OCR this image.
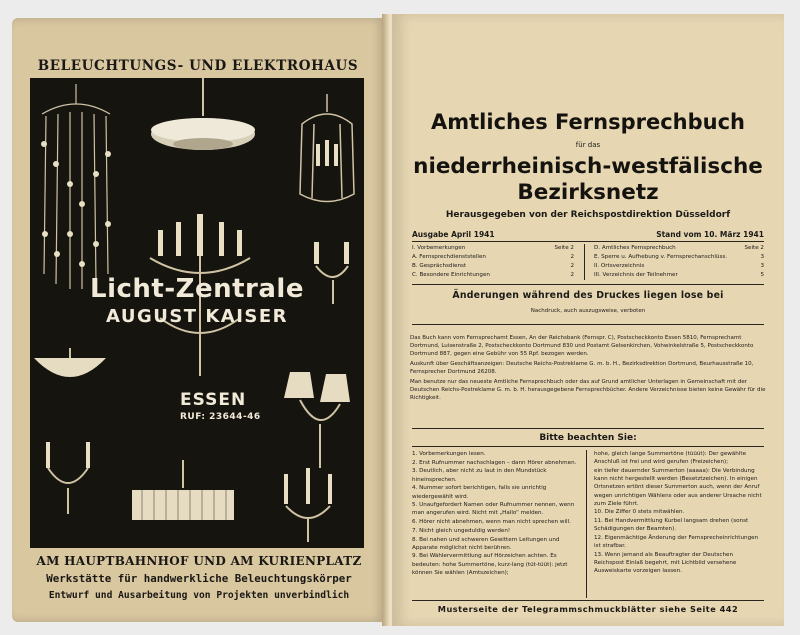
BELEUCHTUNGS- UND ELEKTROHAUS
Licht-Zentrale
AUGUST KAISER
ESSEN
RUF: 23644-46
AM HAUPTBAHNHOF UND AM KURIENPLATZ
Werkstätte für handwerkliche Beleuchtungskörper
Entwurf und Ausarbeitung von Projekten unverbindlich
Amtliches Fernsprechbuch
für das
niederrheinisch-westfälische
Bezirksnetz
Herausgegeben von der Reichspostdirektion Düsseldorf
Ausgabe April 1941	Stand vom 10. März 1941
I. Vorbemerkungen	Seite 2
A. Fernsprechdienststellen	2
B. Gesprächsdienst	2
C. Besondere Einrichtungen	2
D. Amtliches Fernsprechbuch	Seite 2
E. Sperre u. Aufhebung v. Fernsprechanschlüss.	3
II. Ortsverzeichnis	3
III. Verzeichnis der Teilnehmer	5
Änderungen während des Druckes liegen lose bei
Nachdruck, auch auszugsweise, verboten

Das Buch kann vom Fernsprechamt Essen, An der Reichsbank (Fernspr. C), Postscheckkonto Essen 5810, Fernsprechamt Dortmund, Luisenstraße 2, Postscheckkonto Dortmund 830 und Postamt Gelsenkirchen, Vohwinkelstraße 5, Postscheckkonto Dortmund 887, gegen eine Gebühr von 55 Rpf. bezogen werden.

Auskunft über Geschäftsanzeigen: Deutsche Reichs-Postreklame G. m. b. H., Bezirksdirektion Dortmund, Beurhausstraße 10, Fernsprecher Dortmund 26208.

Man benutze nur das neueste Amtliche Fernsprechbuch oder das auf Grund amtlicher Unterlagen in Gemeinschaft mit der Deutschen Reichs-Postreklame G. m. b. H. herausgegebene Fernsprechbücher. Andere Verzeichnisse bieten keine Gewähr für die Richtigkeit.

Bitte beachten Sie:
1. Vorbemerkungen lesen.
2. Erst Rufnummer nachschlagen – dann Hörer abnehmen.
3. Deutlich, aber nicht zu laut in den Mundstück hineinsprechen.
4. Nummer sofort berichtigen, falls sie unrichtig wiedergewählt wird.
5. Unaufgefordert Namen oder Rufnummer nennen, wenn man angerufen wird. Nicht mit „Hallo“ melden.
6. Hörer nicht abnehmen, wenn man nicht sprechen will.
7. Nicht gleich ungeduldig werden!
8. Bei nahen und schweren Gewittern Leitungen und Apparate möglichst nicht berühren.
9. Bei Wählervermittlung auf Hörzeichen achten. Es bedeuten: hohe Summertöne, kurz-lang (tüt-tüüt): jetzt können Sie wählen (Amtszeichen);
hohe, gleich lange Summertöne (tüüüt): Der gewählte Anschluß ist frei und wird gerufen (Freizeichen);
ein tiefer dauernder Summerton (aaaaa): Die Verbindung kann nicht hergestellt werden (Besetztzeichen). In einigen Ortsnetzen ertönt dieser Summerton auch, wenn der Anruf wegen unrichtigen Wählens oder aus anderer Ursache nicht zum Ziele führt.
10. Die Ziffer 0 stets mitwählen.
11. Bei Handvermittlung Kurbel langsam drehen (sonst Schädigungen der Beamten).
12. Eigenmächtige Änderung der Fernsprecheinrichtungen ist strafbar.
13. Wenn jemand als Beauftragter der Deutschen Reichspost Einlaß begehrt, mit Lichtbild versehene Ausweiskarte vorzeigen lassen.
Musterseite der Telegrammschmuckblätter siehe Seite 442
